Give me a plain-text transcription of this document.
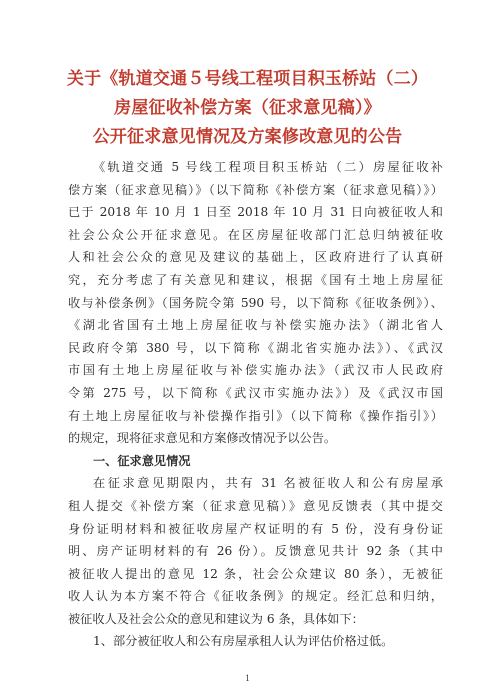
关于《轨道交通５号线工程项目积玉桥站（二）
房屋征收补偿方案（征求意见稿）》
公开征求意见情况及方案修改意见的公告
《轨道交通 5 号线工程项目积玉桥站（二）房屋征收补
偿方案（征求意见稿）》（以下简称《补偿方案（征求意见稿）》）
已于 2018 年 10 月 1 日至 2018 年 10 月 31 日向被征收人和
社会公众公开征求意见。在区房屋征收部门汇总归纳被征收
人和社会公众的意见及建议的基础上，区政府进行了认真研
究，充分考虑了有关意见和建议，根据《国有土地上房屋征
收与补偿条例》（国务院令第 590 号，以下简称《征收条例》）、
《湖北省国有土地上房屋征收与补偿实施办法》（湖北省人
民政府令第 380 号，以下简称《湖北省实施办法》）、《武汉
市国有土地上房屋征收与补偿实施办法》（武汉市人民政府
令第 275 号，以下简称《武汉市实施办法》）及《武汉市国
有土地上房屋征收与补偿操作指引》（以下简称《操作指引》）
的规定，现将征求意见和方案修改情况予以公告。
一、征求意见情况
在征求意见期限内，共有 31 名被征收人和公有房屋承
租人提交《补偿方案（征求意见稿）》意见反馈表（其中提交
身份证明材料和被征收房屋产权证明的有 5 份，没有身份证
明、房产证明材料的有 26 份）。反馈意见共计 92 条（其中
被征收人提出的意见 12 条，社会公众建议 80 条），无被征
收人认为本方案不符合《征收条例》的规定。经汇总和归纳，
被征收人及社会公众的意见和建议为 6 条，具体如下：
1、部分被征收人和公有房屋承租人认为评估价格过低。
1
